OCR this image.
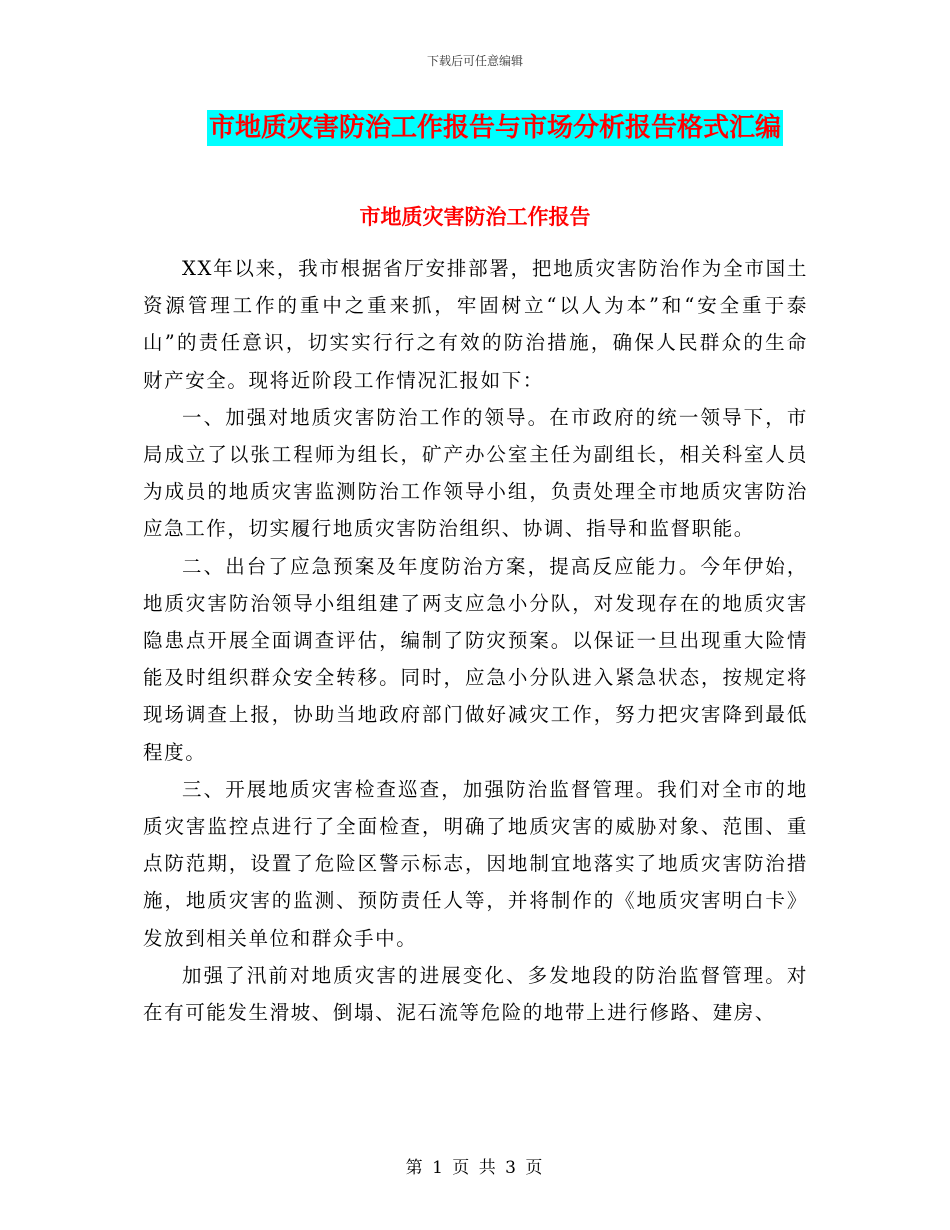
下载后可任意编辑
市地质灾害防治工作报告与市场分析报告格式汇编
市地质灾害防治工作报告

XX年以来，我市根据省厅安排部署，把地质灾害防治作为全市国土资源管理工作的重中之重来抓，牢固树立“以人为本”和“安全重于泰山”的责任意识，切实实行行之有效的防治措施，确保人民群众的生命财产安全。现将近阶段工作情况汇报如下：

一、加强对地质灾害防治工作的领导。在市政府的统一领导下，市局成立了以张工程师为组长，矿产办公室主任为副组长，相关科室人员为成员的地质灾害监测防治工作领导小组，负责处理全市地质灾害防治应急工作，切实履行地质灾害防治组织、协调、指导和监督职能。

二、出台了应急预案及年度防治方案，提高反应能力。今年伊始，地质灾害防治领导小组组建了两支应急小分队，对发现存在的地质灾害隐患点开展全面调查评估，编制了防灾预案。以保证一旦出现重大险情能及时组织群众安全转移。同时，应急小分队进入紧急状态，按规定将现场调查上报，协助当地政府部门做好减灾工作，努力把灾害降到最低程度。

三、开展地质灾害检查巡查，加强防治监督管理。我们对全市的地质灾害监控点进行了全面检查，明确了地质灾害的威胁对象、范围、重点防范期，设置了危险区警示标志，因地制宜地落实了地质灾害防治措施，地质灾害的监测、预防责任人等，并将制作的《地质灾害明白卡》发放到相关单位和群众手中。

加强了汛前对地质灾害的进展变化、多发地段的防治监督管理。对在有可能发生滑坡、倒塌、泥石流等危险的地带上进行修路、建房、

第 1 页 共 3 页
